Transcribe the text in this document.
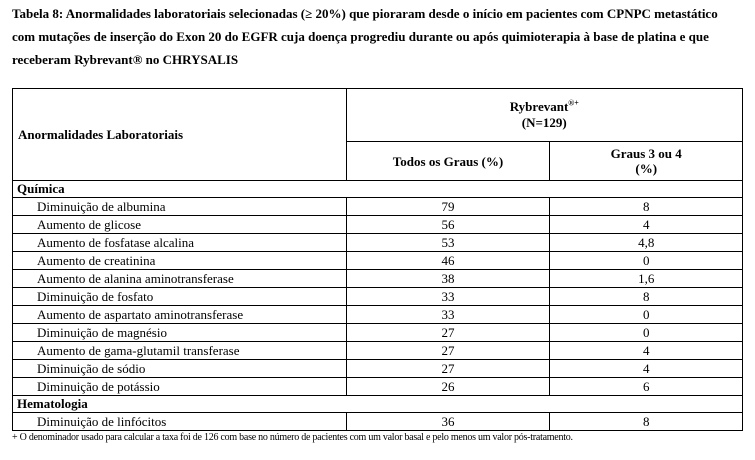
Tabela 8: Anormalidades laboratoriais selecionadas (≥ 20%) que pioraram desde o início em pacientes com CPNPC metastático com mutações de inserção do Exon 20 do EGFR cuja doença progrediu durante ou após quimioterapia à base de platina e que receberam Rybrevant® no CHRYSALIS
Anormalidades Laboratoriais	Rybrevant®+
(N=129)	
	Todos os Graus (%)	Graus 3 ou 4
(%)
Química		
Diminuição de albumina	79	8
Aumento de glicose	56	4
Aumento de fosfatase alcalina	53	4,8
Aumento de creatinina	46	0
Aumento de alanina aminotransferase	38	1,6
Diminuição de fosfato	33	8
Aumento de aspartato aminotransferase	33	0
Diminuição de magnésio	27	0
Aumento de gama-glutamil transferase	27	4
Diminuição de sódio	27	4
Diminuição de potássio	26	6
Hematologia		
Diminuição de linfócitos	36	8
+ O denominador usado para calcular a taxa foi de 126 com base no número de pacientes com um valor basal e pelo menos um valor pós-tratamento.
